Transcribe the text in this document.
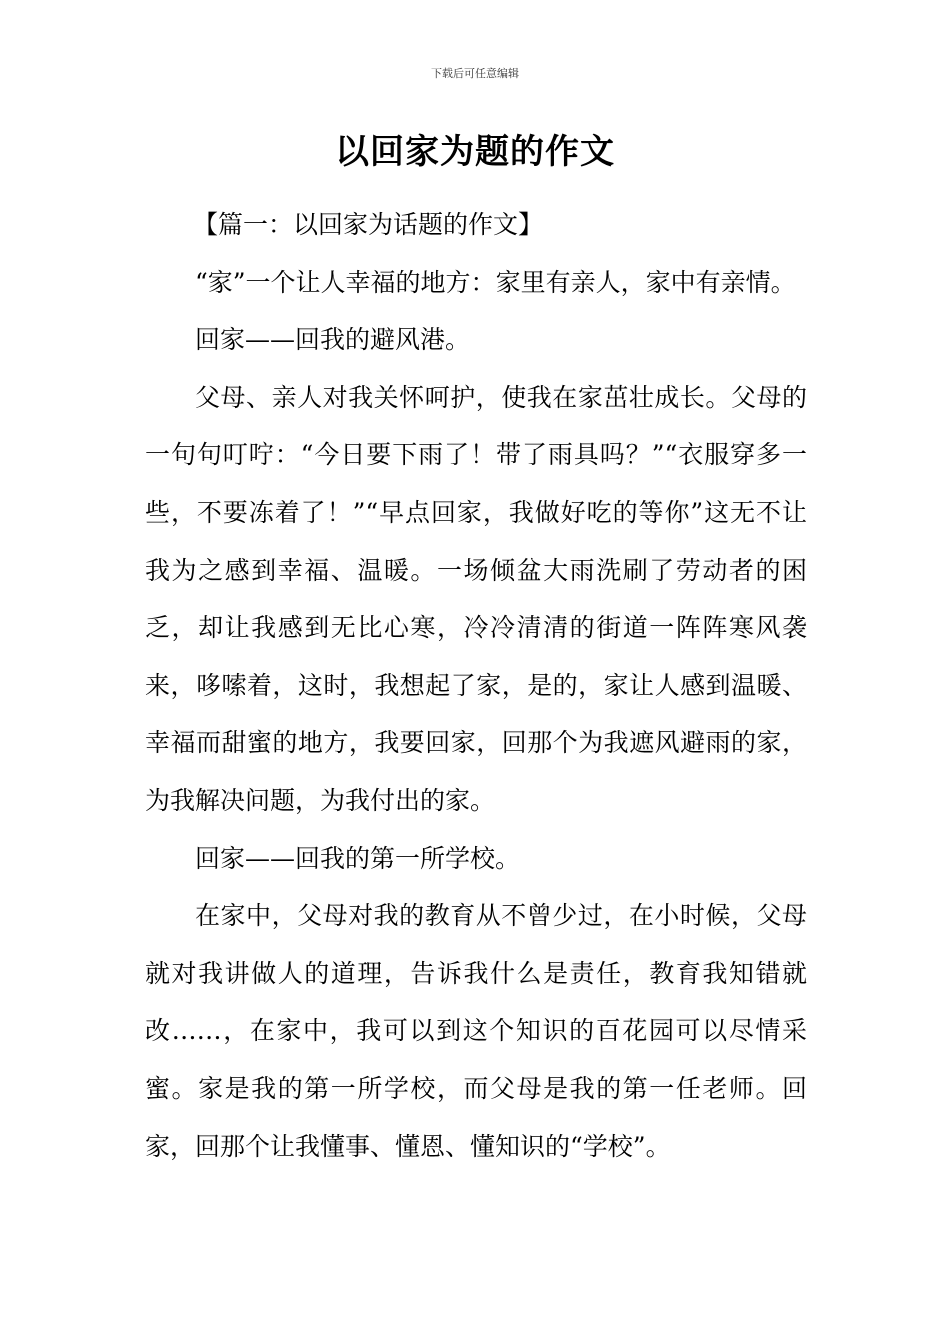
下载后可任意编辑
以回家为题的作文

【篇一：以回家为话题的作文】

“家”一个让人幸福的地方：家里有亲人，家中有亲情。

回家——回我的避风港。

父母、亲人对我关怀呵护，使我在家茁壮成长。父母的一句句叮咛：“今日要下雨了！带了雨具吗？”“衣服穿多一些，不要冻着了！”“早点回家，我做好吃的等你”这无不让我为之感到幸福、温暖。一场倾盆大雨洗刷了劳动者的困乏，却让我感到无比心寒，冷冷清清的街道一阵阵寒风袭来，哆嗦着，这时，我想起了家，是的，家让人感到温暖、幸福而甜蜜的地方，我要回家，回那个为我遮风避雨的家，为我解决问题，为我付出的家。

回家——回我的第一所学校。

在家中，父母对我的教育从不曾少过，在小时候，父母就对我讲做人的道理，告诉我什么是责任，教育我知错就改……，在家中，我可以到这个知识的百花园可以尽情采蜜。家是我的第一所学校，而父母是我的第一任老师。回家，回那个让我懂事、懂恩、懂知识的“学校”。
